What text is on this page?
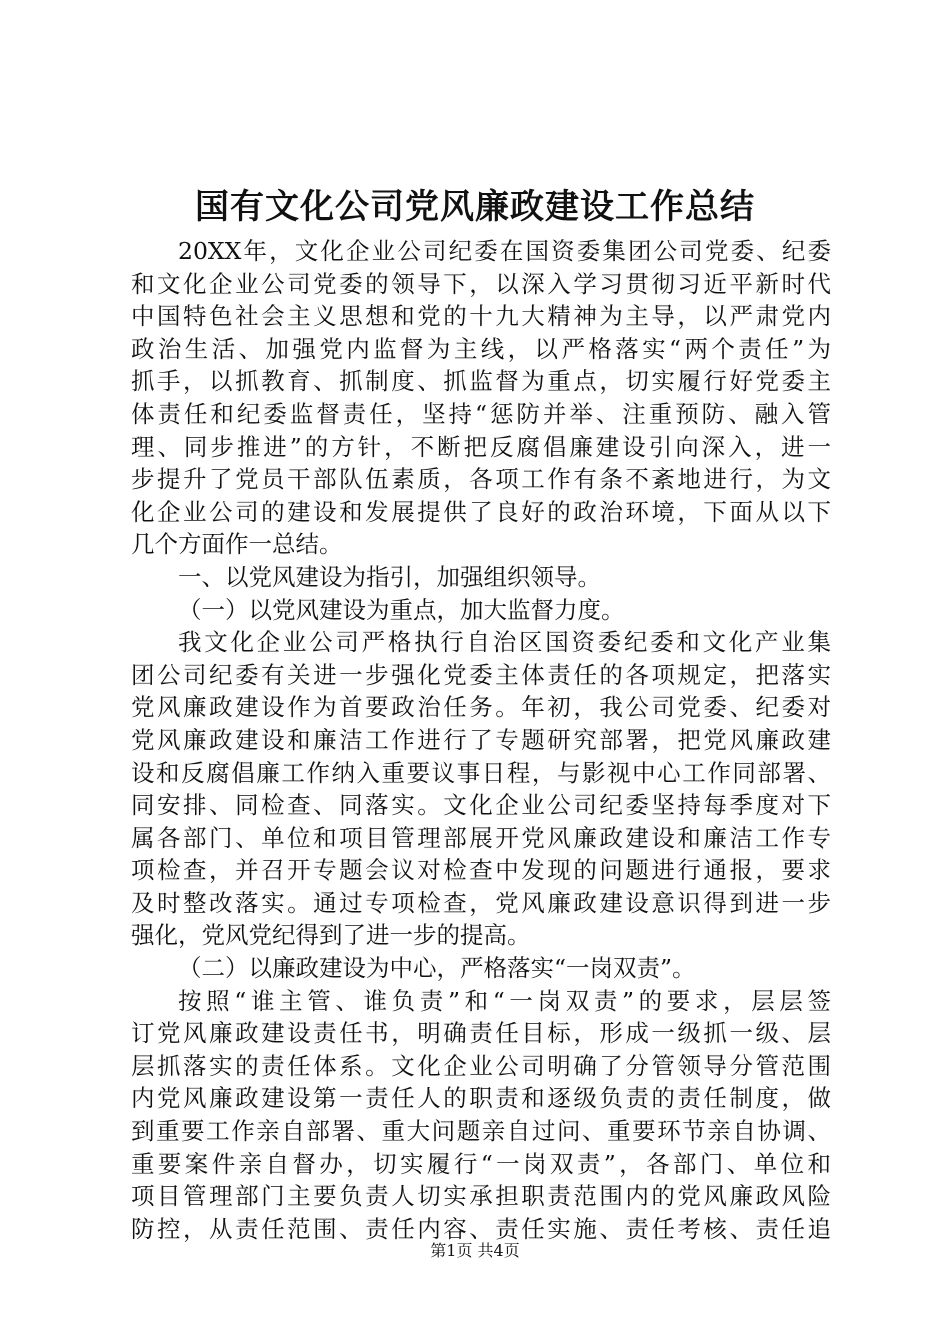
国有文化公司党风廉政建设工作总结
20XX年，文化企业公司纪委在国资委集团公司党委、纪委
和文化企业公司党委的领导下，以深入学习贯彻习近平新时代
中国特色社会主义思想和党的十九大精神为主导，以严肃党内
政治生活、加强党内监督为主线，以严格落实“两个责任”为
抓手，以抓教育、抓制度、抓监督为重点，切实履行好党委主
体责任和纪委监督责任，坚持“惩防并举、注重预防、融入管
理、同步推进”的方针，不断把反腐倡廉建设引向深入，进一
步提升了党员干部队伍素质，各项工作有条不紊地进行，为文
化企业公司的建设和发展提供了良好的政治环境，下面从以下
几个方面作一总结。
一、以党风建设为指引，加强组织领导。
（一）以党风建设为重点，加大监督力度。
我文化企业公司严格执行自治区国资委纪委和文化产业集
团公司纪委有关进一步强化党委主体责任的各项规定，把落实
党风廉政建设作为首要政治任务。年初，我公司党委、纪委对
党风廉政建设和廉洁工作进行了专题研究部署，把党风廉政建
设和反腐倡廉工作纳入重要议事日程，与影视中心工作同部署、
同安排、同检查、同落实。文化企业公司纪委坚持每季度对下
属各部门、单位和项目管理部展开党风廉政建设和廉洁工作专
项检查，并召开专题会议对检查中发现的问题进行通报，要求
及时整改落实。通过专项检查，党风廉政建设意识得到进一步
强化，党风党纪得到了进一步的提高。
（二）以廉政建设为中心，严格落实“一岗双责”。
按照“谁主管、谁负责”和“一岗双责”的要求，层层签
订党风廉政建设责任书，明确责任目标，形成一级抓一级、层
层抓落实的责任体系。文化企业公司明确了分管领导分管范围
内党风廉政建设第一责任人的职责和逐级负责的责任制度，做
到重要工作亲自部署、重大问题亲自过问、重要环节亲自协调、
重要案件亲自督办，切实履行“一岗双责”，各部门、单位和
项目管理部门主要负责人切实承担职责范围内的党风廉政风险
防控，从责任范围、责任内容、责任实施、责任考核、责任追
第1页 共4页
